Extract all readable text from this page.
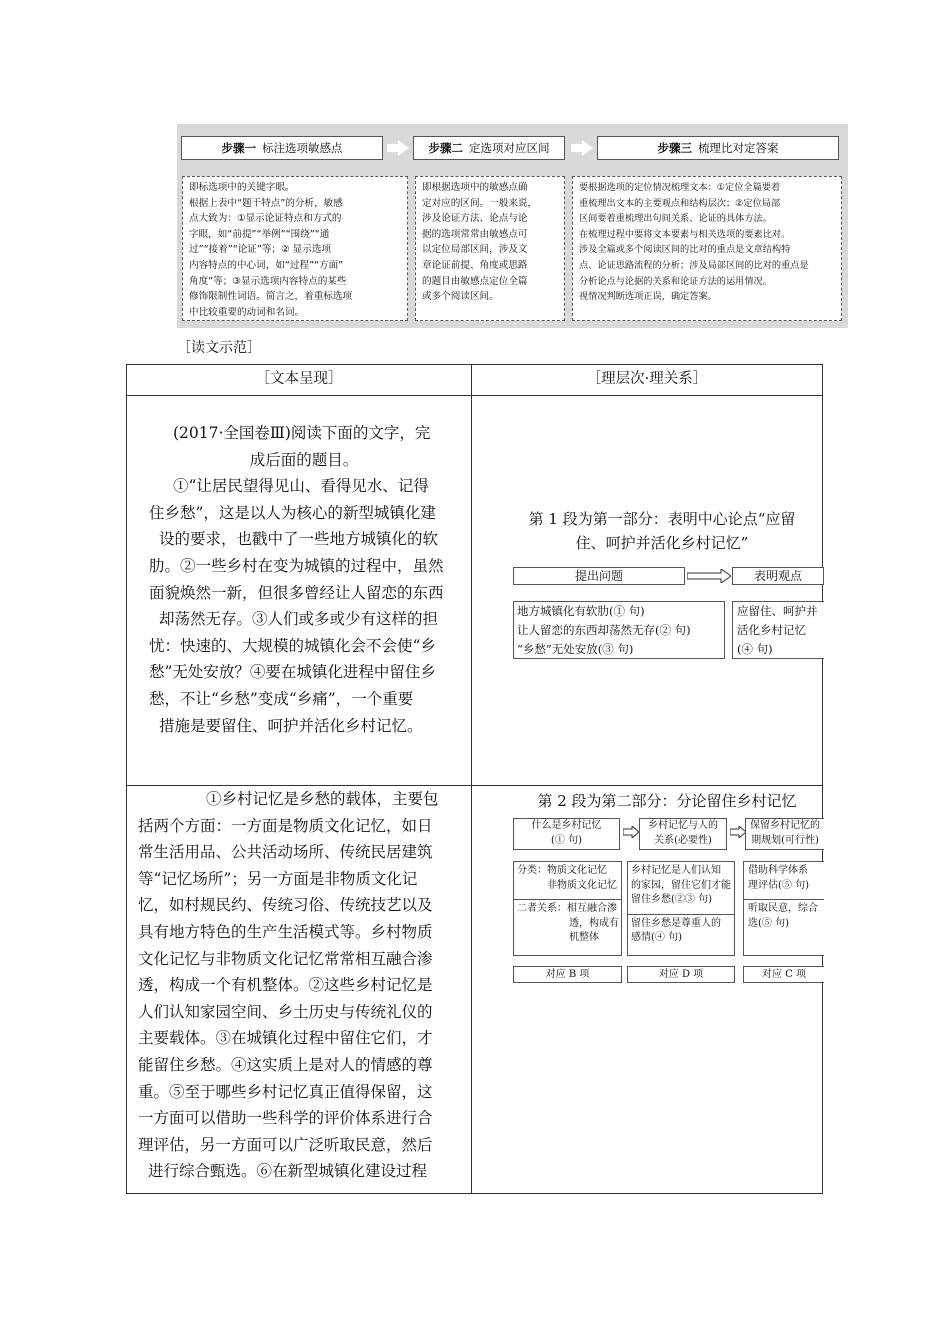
步骤一 标注选项敏感点	步骤二 定选项对应区间	步骤三 梳理比对定答案

即标选项中的关键字眼。

根据上表中“题干特点”的分析，敏感

点大致为：①显示论证特点和方式的

字眼，如“前提”“举例”“围绕”“通

过”“接着”“论证”等；② 显示选项

内容特点的中心词，如“过程”“方面”

角度”等；③显示选项内容特点的某些

修饰限制性词语。简言之，着重标选项

中比较重要的动词和名词。

即根据选项中的敏感点确

定对应的区间。一般来说，

涉及论证方法、论点与论

据的选项常常由敏感点可

以定位局部区间，涉及文

章论证前提、角度或思路

的题目由敏感点定位全篇

或多个阅读区间。

要根据选项的定位情况梳理文本：①定位全篇要着

重梳理出文本的主要观点和结构层次；②定位局部

区间要着重梳理出句间关系、论证的具体方法。

在梳理过程中要将文本要素与相关选项的要素比对。

涉及全篇或多个阅读区间的比对的重点是文章结构特

点、论证思路流程的分析；涉及局部区间的比对的重点是

分析论点与论据的关系和论证方法的运用情况。

视情况判断选项正误，确定答案。

［读文示范］
［文本呈现］	［理层次·理关系］

(2017·全国卷Ⅲ)阅读下面的文字，完

成后面的题目。

①“让居民望得见山、看得见水、记得

住乡愁”，这是以人为核心的新型城镇化建

设的要求，也戳中了一些地方城镇化的软

肋。②一些乡村在变为城镇的过程中，虽然

面貌焕然一新，但很多曾经让人留恋的东西

却荡然无存。③人们或多或少有这样的担

忧：快速的、大规模的城镇化会不会使“乡

愁”无处安放？④要在城镇化进程中留住乡

愁，不让“乡愁”变成“乡痛”，一个重要

措施是要留住、呵护并活化乡村记忆。

第 1 段为第一部分：表明中心论点“应留
住、呵护并活化乡村记忆”
提出问题	表明观点
地方城镇化有软肋(① 句)
让人留恋的东西却荡然无存(② 句)
“乡愁”无处安放(③ 句)
应留住、呵护并
活化乡村记忆
(④ 句)

①乡村记忆是乡愁的载体，主要包

括两个方面：一方面是物质文化记忆，如日

常生活用品、公共活动场所、传统民居建筑

等“记忆场所”；另一方面是非物质文化记

忆，如村规民约、传统习俗、传统技艺以及

具有地方特色的生产生活模式等。乡村物质

文化记忆与非物质文化记忆常常相互融合渗

透，构成一个有机整体。②这些乡村记忆是

人们认知家园空间、乡土历史与传统礼仪的

主要载体。③在城镇化过程中留住它们，才

能留住乡愁。④这实质上是对人的情感的尊

重。⑤至于哪些乡村记忆真正值得保留，这

一方面可以借助一些科学的评价体系进行合

理评估，另一方面可以广泛听取民意，然后

进行综合甄选。⑥在新型城镇化建设过程

第 2 段为第二部分：分论留住乡村记忆
什么是乡村记忆
(① 句)
乡村记忆与人的
关系(必要性)
保留乡村记忆的
期规划(可行性)
分类：物质文化记忆
非物质文化记忆
二者关系：相互融合渗
透，构成有
机整体
乡村记忆是人们认知
的家园，留住它们才能
留住乡愁(②③ 句)
留住乡愁是尊重人的
感情(④ 句)
借助科学体系
理评估(⑤ 句)
听取民意，综合
选(⑤ 句)
对应 B 项	对应 D 项	对应 C 项
